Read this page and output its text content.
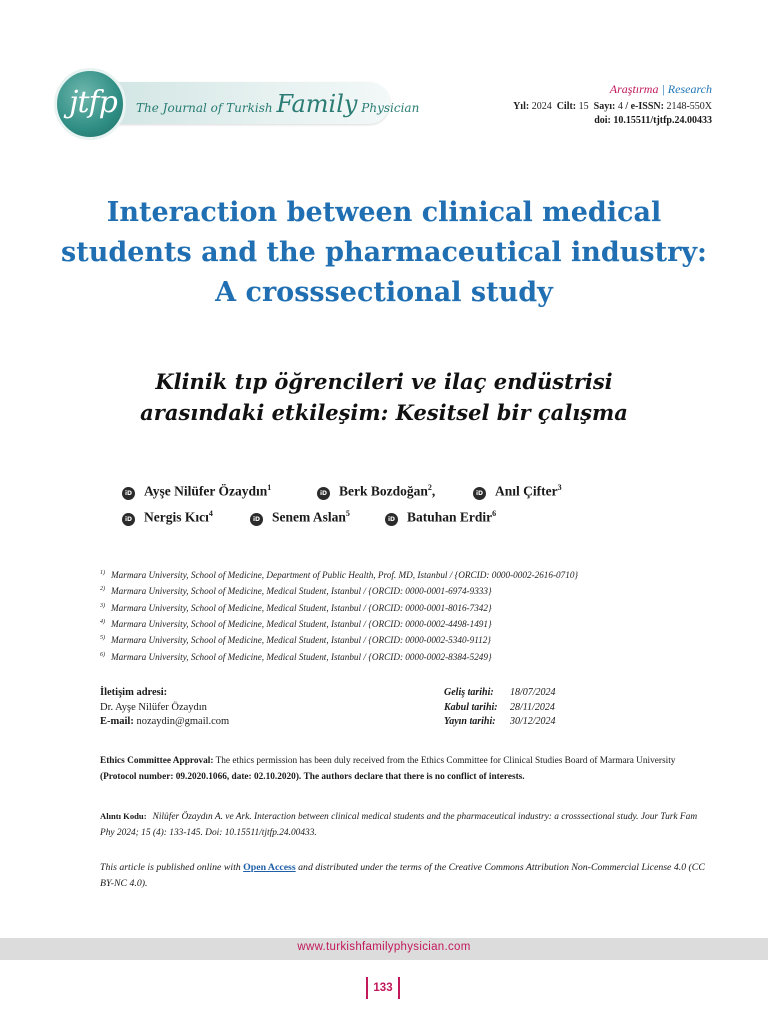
jtfp	The Journal of Turkish Family Physician
Araştırma | Research
Yıl: 2024 Cilt: 15 Sayı: 4 / e-ISSN: 2148-550X
doi: 10.15511/tjtfp.24.00433
Interaction between clinical medical
students and the pharmaceutical industry:
A crosssectional study
Klinik tıp öğrencileri ve ilaç endüstrisi
arasındaki etkileşim: Kesitsel bir çalışma
iD Ayşe Nilüfer Özaydın$^1$
iD Berk Bozdoğan$^2$,	iD Anıl Çifter$^3$
iD Nergis Kıcı$^4$
iD Senem Aslan$^5$
iD Batuhan Erdir$^6$
$^{1)}$ Marmara University, School of Medicine, Department of Public Health, Prof. MD, Istanbul / {ORCID: 0000-0002-2616-0710}
$^{2)}$ Marmara University, School of Medicine, Medical Student, Istanbul / {ORCID: 0000-0001-6974-9333}
$^{3)}$ Marmara University, School of Medicine, Medical Student, Istanbul / {ORCID: 0000-0001-8016-7342}
$^{4)}$ Marmara University, School of Medicine, Medical Student, Istanbul / {ORCID: 0000-0002-4498-1491}
$^{5)}$ Marmara University, School of Medicine, Medical Student, Istanbul / {ORCID: 0000-0002-5340-9112}
$^{6)}$ Marmara University, School of Medicine, Medical Student, Istanbul / {ORCID: 0000-0002-8384-5249}
İletişim adresi:
Dr. Ayşe Nilüfer Özaydın
E-mail: nozaydin@gmail.com
Geliş tarihi: 18/07/2024
Kabul tarihi: 28/11/2024
Yayın tarihi: 30/12/2024
Ethics Committee Approval: The ethics permission has been duly received from the Ethics Committee for Clinical Studies Board of Marmara University (Protocol number: 09.2020.1066, date: 02.10.2020). The authors declare that there is no conflict of interests.
Alıntı Kodu: Nilüfer Özaydın A. ve Ark. Interaction between clinical medical students and the pharmaceutical industry: a crosssectional study. Jour Turk Fam Phy 2024; 15 (4): 133-145. Doi: 10.15511/tjtfp.24.00433.
This article is published online with Open Access and distributed under the terms of the Creative Commons Attribution Non-Commercial License 4.0 (CC BY-NC 4.0).
www.turkishfamilyphysician.com
133
